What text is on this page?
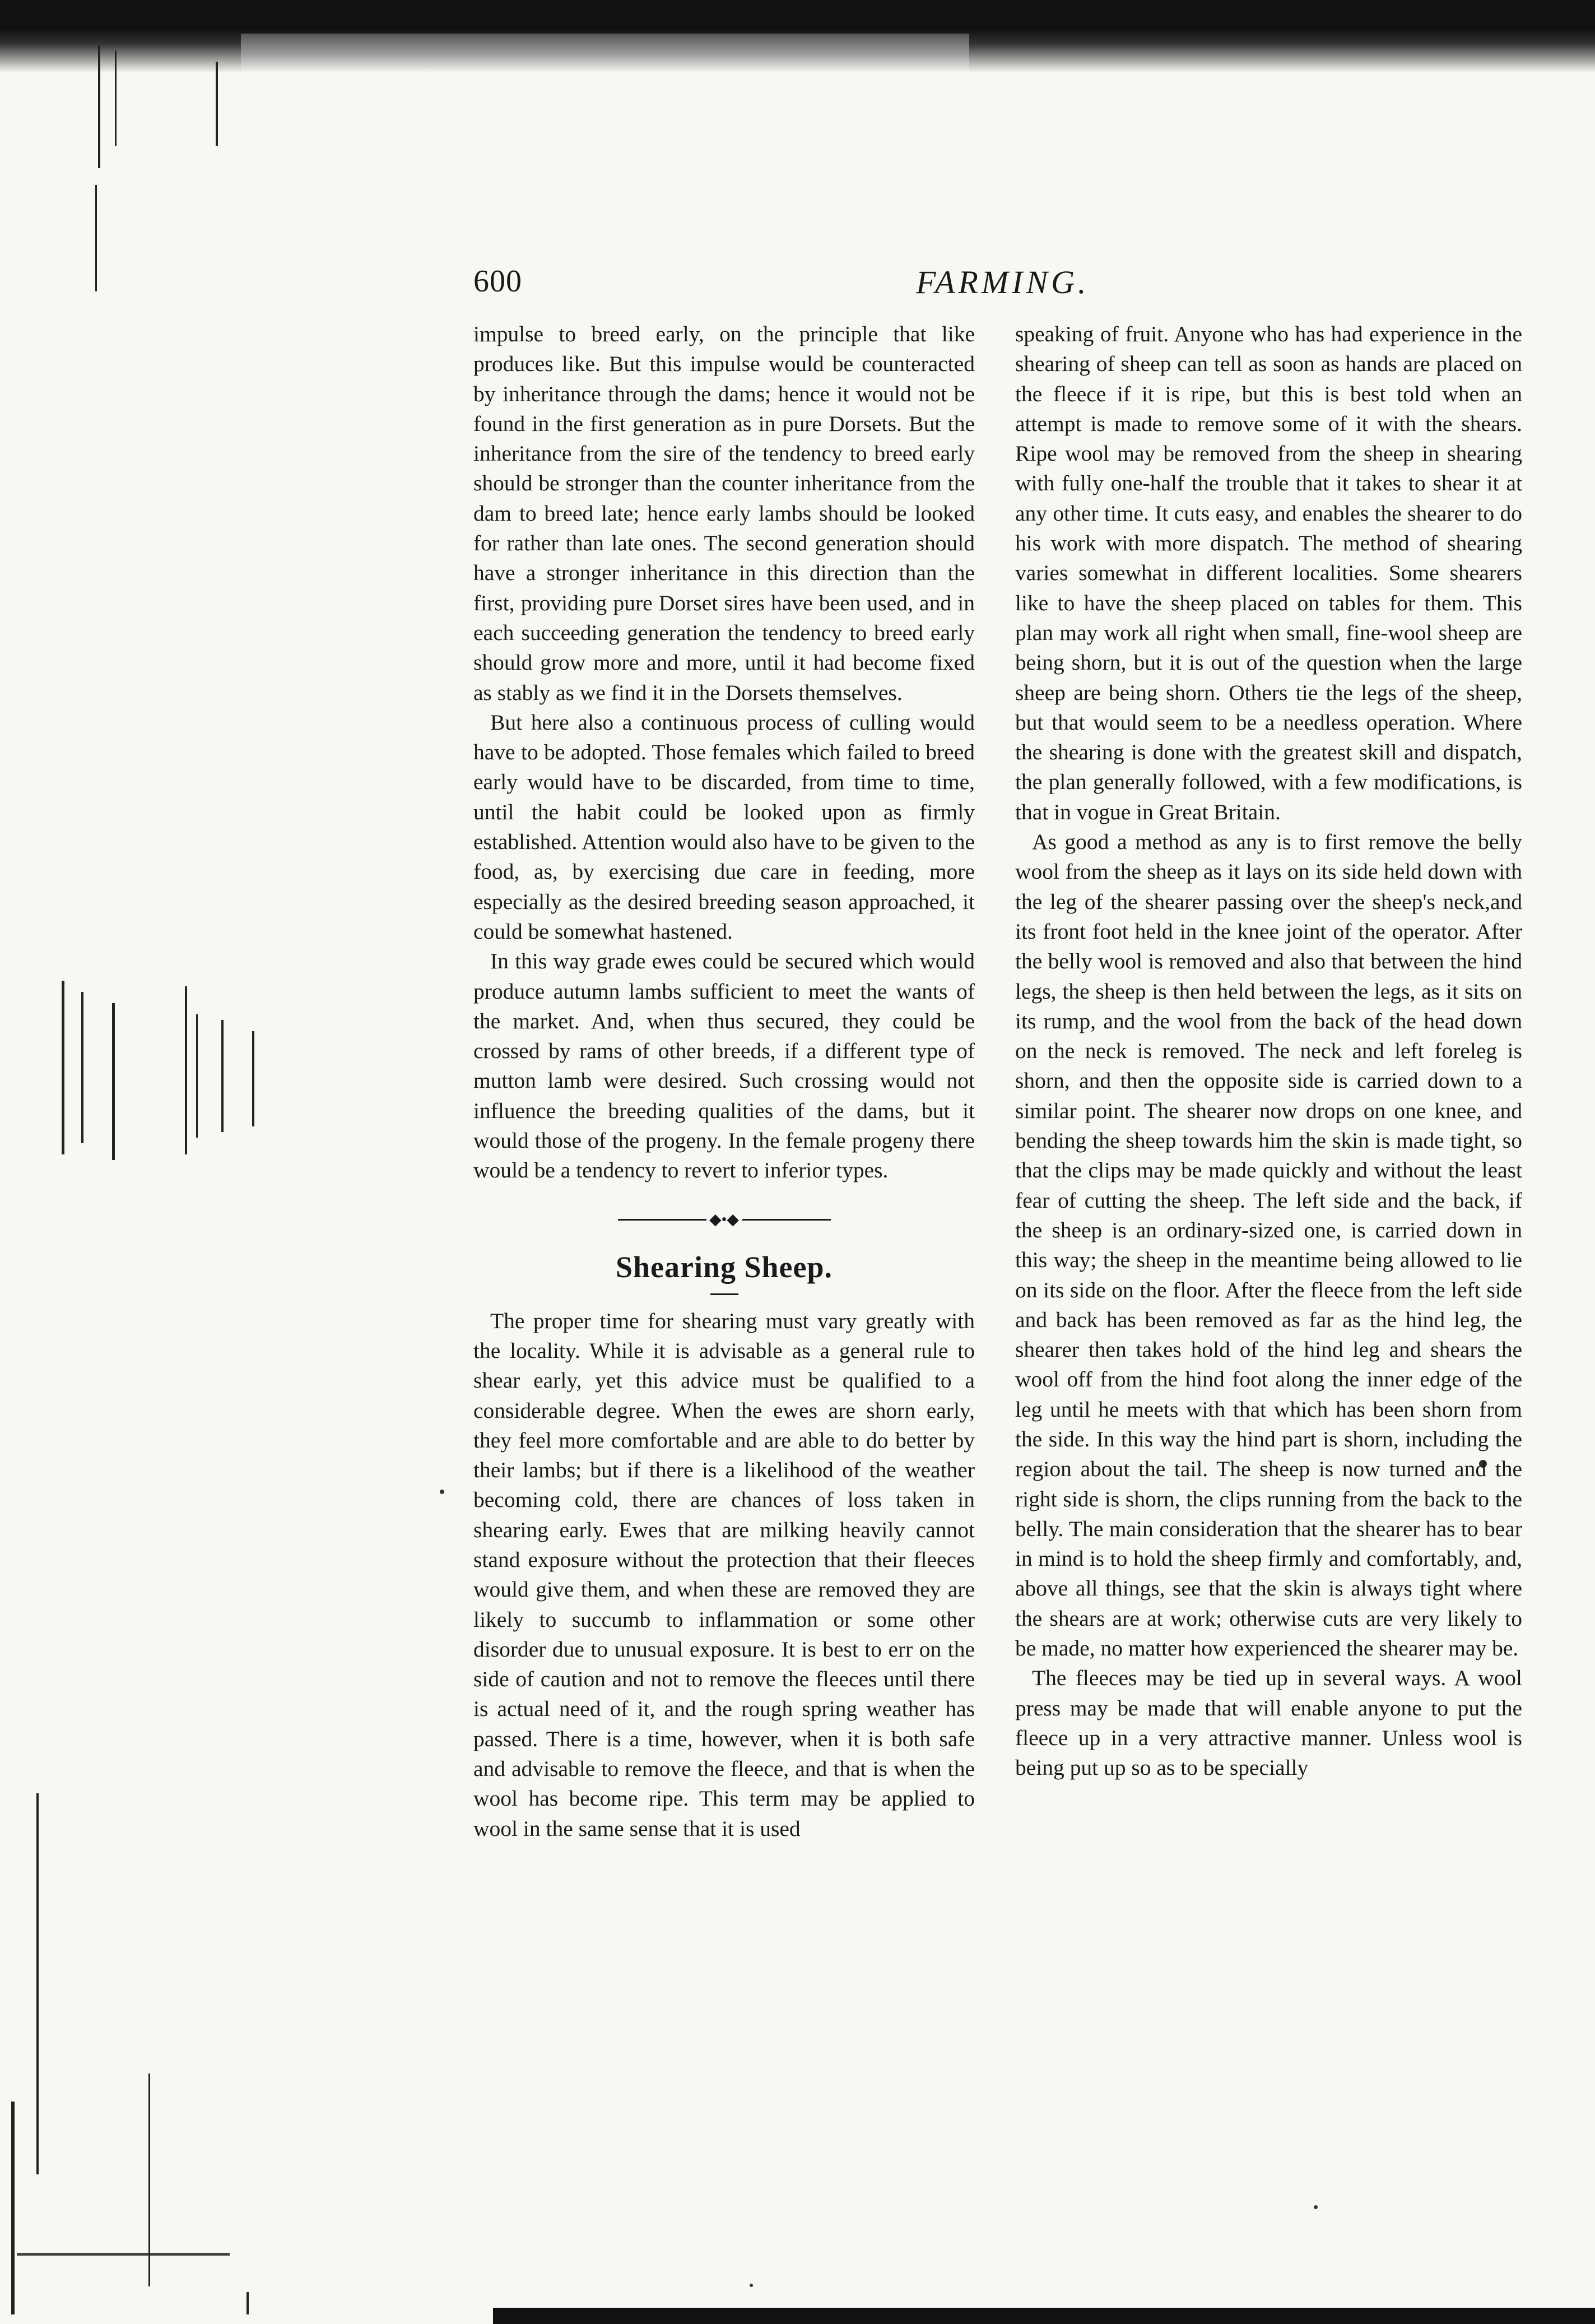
600	FARMING.

impulse to breed early, on the principle that like produces like. But this impulse would be counteracted by inheritance through the dams; hence it would not be found in the first generation as in pure Dorsets. But the inheritance from the sire of the tendency to breed early should be stronger than the counter inheritance from the dam to breed late; hence early lambs should be looked for rather than late ones. The second generation should have a stronger inheritance in this direction than the first, providing pure Dorset sires have been used, and in each succeeding generation the tendency to breed early should grow more and more, until it had become fixed as stably as we find it in the Dorsets themselves.

But here also a continuous process of culling would have to be adopted. Those females which failed to breed early would have to be discarded, from time to time, until the habit could be looked upon as firmly established. Attention would also have to be given to the food, as, by exercising due care in feeding, more especially as the desired breeding season approached, it could be somewhat hastened.

In this way grade ewes could be secured which would produce autumn lambs sufficient to meet the wants of the market. And, when thus secured, they could be crossed by rams of other breeds, if a different type of mutton lamb were desired. Such crossing would not influence the breeding qualities of the dams, but it would those of the progeny. In the female progeny there would be a tendency to revert to inferior types.

◆•◆
Shearing Sheep.

The proper time for shearing must vary greatly with the locality. While it is advisable as a general rule to shear early, yet this advice must be qualified to a considerable degree. When the ewes are shorn early, they feel more comfortable and are able to do better by their lambs; but if there is a likelihood of the weather becoming cold, there are chances of loss taken in shearing early. Ewes that are milking heavily cannot stand exposure without the protection that their fleeces would give them, and when these are removed they are likely to succumb to inflammation or some other disorder due to unusual exposure. It is best to err on the side of caution and not to remove the fleeces until there is actual need of it, and the rough spring weather has passed. There is a time, however, when it is both safe and advisable to remove the fleece, and that is when the wool has become ripe. This term may be applied to wool in the same sense that it is used

speaking of fruit. Anyone who has had experience in the shearing of sheep can tell as soon as hands are placed on the fleece if it is ripe, but this is best told when an attempt is made to remove some of it with the shears. Ripe wool may be removed from the sheep in shearing with fully one-half the trouble that it takes to shear it at any other time. It cuts easy, and enables the shearer to do his work with more dispatch. The method of shearing varies somewhat in different localities. Some shearers like to have the sheep placed on tables for them. This plan may work all right when small, fine-wool sheep are being shorn, but it is out of the question when the large sheep are being shorn. Others tie the legs of the sheep, but that would seem to be a needless operation. Where the shearing is done with the greatest skill and dispatch, the plan generally followed, with a few modifications, is that in vogue in Great Britain.

As good a method as any is to first remove the belly wool from the sheep as it lays on its side held down with the leg of the shearer passing over the sheep's neck,and its front foot held in the knee joint of the operator. After the belly wool is removed and also that between the hind legs, the sheep is then held between the legs, as it sits on its rump, and the wool from the back of the head down on the neck is removed. The neck and left foreleg is shorn, and then the opposite side is carried down to a similar point. The shearer now drops on one knee, and bending the sheep towards him the skin is made tight, so that the clips may be made quickly and without the least fear of cutting the sheep. The left side and the back, if the sheep is an ordinary-sized one, is carried down in this way; the sheep in the meantime being allowed to lie on its side on the floor. After the fleece from the left side and back has been removed as far as the hind leg, the shearer then takes hold of the hind leg and shears the wool off from the hind foot along the inner edge of the leg until he meets with that which has been shorn from the side. In this way the hind part is shorn, including the region about the tail. The sheep is now turned and the right side is shorn, the clips running from the back to the belly. The main consideration that the shearer has to bear in mind is to hold the sheep firmly and comfortably, and, above all things, see that the skin is always tight where the shears are at work; otherwise cuts are very likely to be made, no matter how experienced the shearer may be.

The fleeces may be tied up in several ways. A wool press may be made that will enable anyone to put the fleece up in a very attractive manner. Unless wool is being put up so as to be specially
